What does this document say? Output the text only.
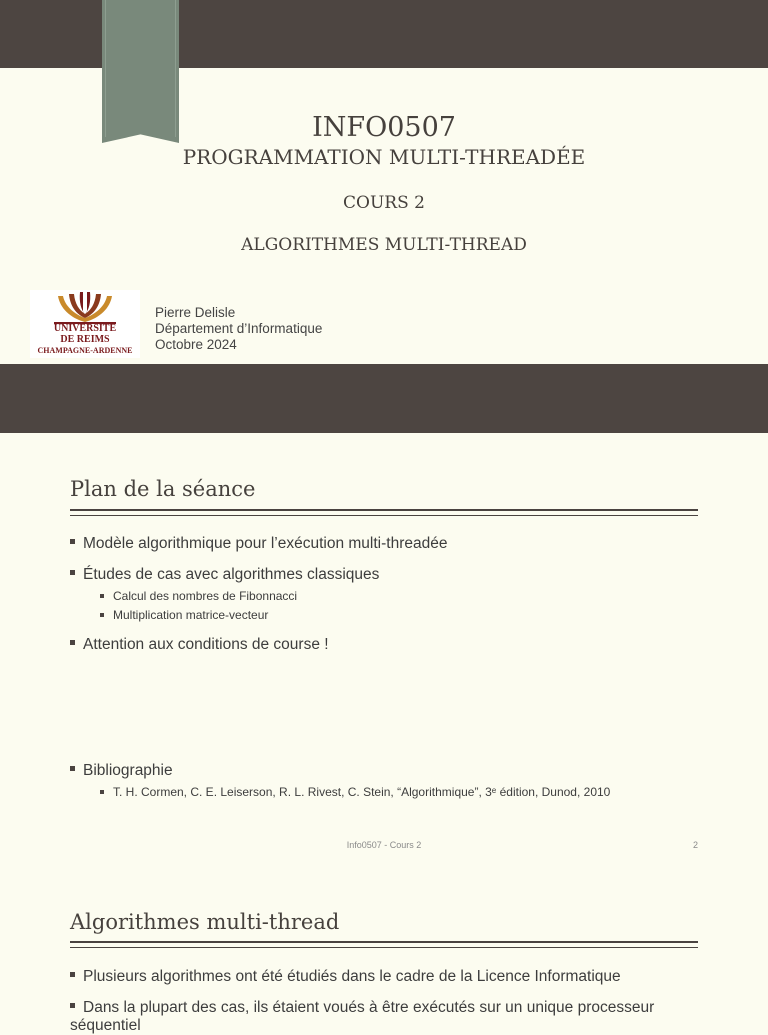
INFO0507
PROGRAMMATION MULTI-THREADÉE
COURS 2
ALGORITHMES MULTI-THREAD
UNIVERSITÉ
DE REIMS
CHAMPAGNE-ARDENNE
Pierre Delisle
Département d’Informatique
Octobre 2024
Plan de la séance
Modèle algorithmique pour l’exécution multi-threadée
Études de cas avec algorithmes classiques
Calcul des nombres de Fibonnacci
Multiplication matrice-vecteur
Attention aux conditions de course !
Bibliographie
T. H. Cormen, C. E. Leiserson, R. L. Rivest, C. Stein, “Algorithmique”, 3ᵉ édition, Dunod, 2010
Info0507 - Cours 2	2
Algorithmes multi-thread
Plusieurs algorithmes ont été étudiés dans le cadre de la Licence Informatique
Dans la plupart des cas, ils étaient voués à être exécutés sur un unique processeur séquentiel
